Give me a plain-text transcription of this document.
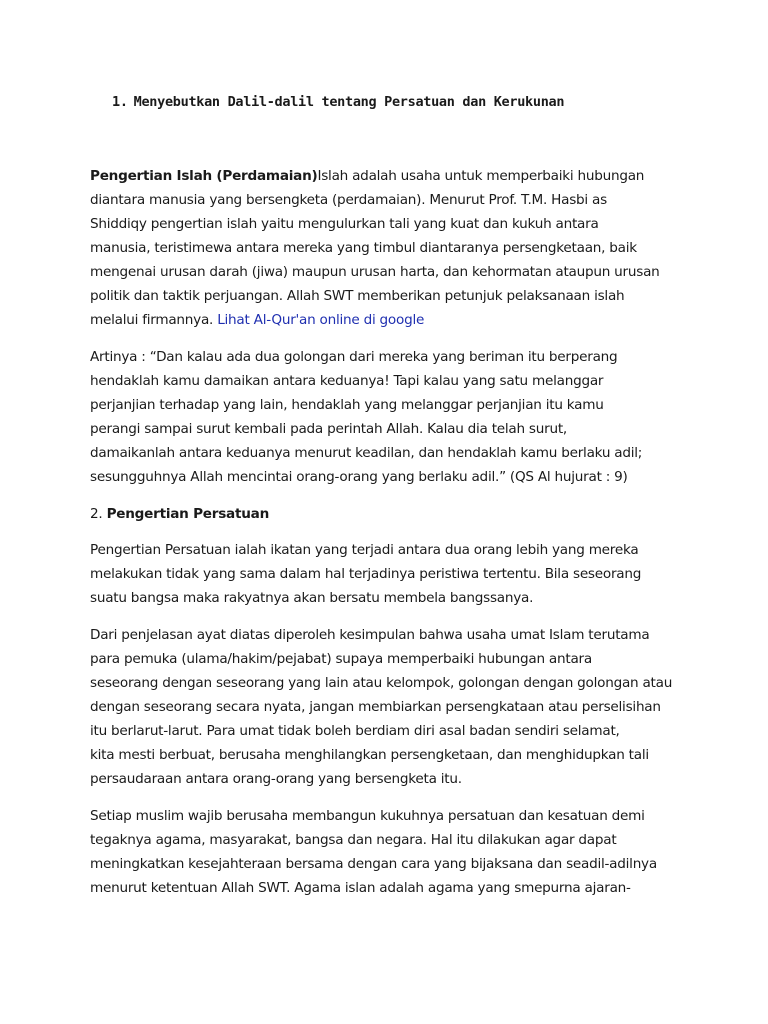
1. Menyebutkan Dalil-dalil tentang Persatuan dan Kerukunan

Pengertian Islah (Perdamaian)Islah adalah usaha untuk memperbaiki hubungan
diantara manusia yang bersengketa (perdamaian). Menurut Prof. T.M. Hasbi as
Shiddiqy pengertian islah yaitu mengulurkan tali yang kuat dan kukuh antara
manusia, teristimewa antara mereka yang timbul diantaranya persengketaan, baik
mengenai urusan darah (jiwa) maupun urusan harta, dan kehormatan ataupun urusan
politik dan taktik perjuangan. Allah SWT memberikan petunjuk pelaksanaan islah
melalui firmannya. Lihat Al-Qur'an online di google

Artinya : “Dan kalau ada dua golongan dari mereka yang beriman itu berperang
hendaklah kamu damaikan antara keduanya! Tapi kalau yang satu melanggar
perjanjian terhadap yang lain, hendaklah yang melanggar perjanjian itu kamu
perangi sampai surut kembali pada perintah Allah. Kalau dia telah surut,
damaikanlah antara keduanya menurut keadilan, dan hendaklah kamu berlaku adil;
sesungguhnya Allah mencintai orang-orang yang berlaku adil.” (QS Al hujurat : 9)

2. Pengertian Persatuan

Pengertian Persatuan ialah ikatan yang terjadi antara dua orang lebih yang mereka
melakukan tidak yang sama dalam hal terjadinya peristiwa tertentu. Bila seseorang
suatu bangsa maka rakyatnya akan bersatu membela bangssanya.

Dari penjelasan ayat diatas diperoleh kesimpulan bahwa usaha umat Islam terutama
para pemuka (ulama/hakim/pejabat) supaya memperbaiki hubungan antara
seseorang dengan seseorang yang lain atau kelompok, golongan dengan golongan atau
dengan seseorang secara nyata, jangan membiarkan persengkataan atau perselisihan
itu berlarut-larut. Para umat tidak boleh berdiam diri asal badan sendiri selamat,
kita mesti berbuat, berusaha menghilangkan persengketaan, dan menghidupkan tali
persaudaraan antara orang-orang yang bersengketa itu.

Setiap muslim wajib berusaha membangun kukuhnya persatuan dan kesatuan demi
tegaknya agama, masyarakat, bangsa dan negara. Hal itu dilakukan agar dapat
meningkatkan kesejahteraan bersama dengan cara yang bijaksana dan seadil-adilnya
menurut ketentuan Allah SWT. Agama islan adalah agama yang smepurna ajaran-
